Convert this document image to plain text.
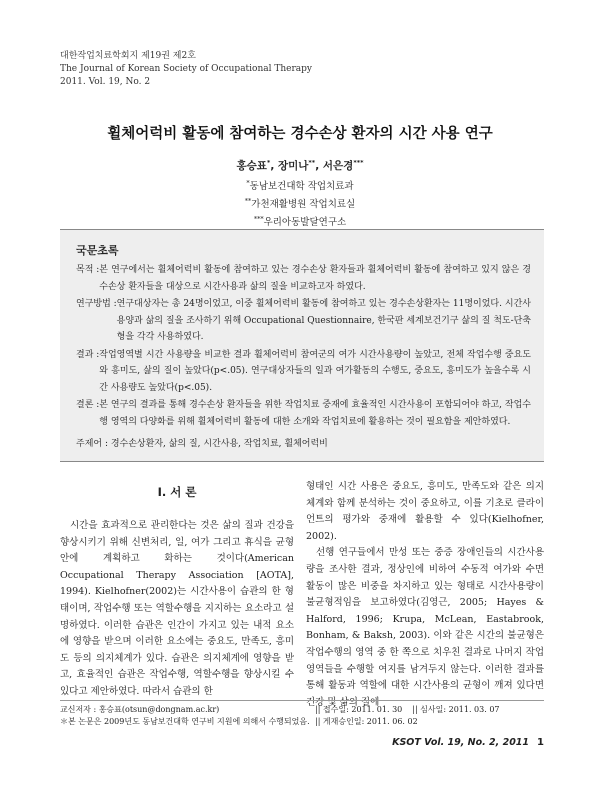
대한작업치료학회지 제19권 제2호
The Journal of Korean Society of Occupational Therapy
2011. Vol. 19, No. 2
휠체어럭비 활동에 참여하는 경수손상 환자의 시간 사용 연구
홍승표*, 장미나**, 서은경***
*동남보건대학 작업치료과
**가천재활병원 작업치료실
***우리아동발달연구소
국문초록
목적 : 본 연구에서는 휠체어럭비 활동에 참여하고 있는 경수손상 환자들과 휠체어럭비 활동에 참여하고 있지 않은 경수손상 환자들을 대상으로 시간사용과 삶의 질을 비교하고자 하였다.
연구방법 : 연구대상자는 총 24명이었고, 이중 휠체어럭비 활동에 참여하고 있는 경수손상환자는 11명이었다. 시간사용양과 삶의 질을 조사하기 위해 Occupational Questionnaire, 한국판 세계보건기구 삶의 질 척도-단축형을 각각 사용하였다.
결과 : 작업영역별 시간 사용량을 비교한 결과 휠체어럭비 참여군의 여가 시간사용량이 높았고, 전체 작업수행 중요도와 흥미도, 삶의 질이 높았다(p<.05). 연구대상자들의 일과 여가활동의 수행도, 중요도, 흥미도가 높을수록 시간 사용량도 높았다(p<.05).
결론 : 본 연구의 결과를 통해 경수손상 환자들을 위한 작업치료 중재에 효율적인 시간사용이 포함되어야 하고, 작업수행 영역의 다양화를 위해 휠체어럭비 활동에 대한 소개와 작업치료에 활용하는 것이 필요함을 제안하였다.
주제어 : 경수손상환자, 삶의 질, 시간사용, 작업치료, 휠체어럭비
I. 서 론
시간을 효과적으로 관리한다는 것은 삶의 질과 건강을 향상시키기 위해 신변처리, 일, 여가 그리고 휴식을 균형 안에 계획하고 화하는 것이다(American Occupational Therapy Association [AOTA], 1994). Kielhofner(2002)는 시간사용이 습관의 한 형태이며, 작업수행 또는 역할수행을 지지하는 요소라고 설명하였다. 이러한 습관은 인간이 가지고 있는 내적 요소에 영향을 받으며 이러한 요소에는 중요도, 만족도, 흥미도 등의 의지체계가 있다. 습관은 의지체계에 영향을 받고, 효율적인 습관은 작업수행, 역할수행을 향상시킬 수 있다고 제안하였다. 따라서 습관의 한

형태인 시간 사용은 중요도, 흥미도, 만족도와 같은 의지체계와 함께 분석하는 것이 중요하고, 이를 기초로 클라이언트의 평가와 중재에 활용할 수 있다(Kielhofner, 2002).

선행 연구들에서 만성 또는 중증 장애인들의 시간사용량을 조사한 결과, 정상인에 비하여 수동적 여가와 수면 활동이 많은 비중을 차지하고 있는 형태로 시간사용량이 불균형적임을 보고하였다(김영근, 2005; Hayes & Halford, 1996; Krupa, McLean, Eastabrook, Bonham, & Baksh, 2003). 이와 같은 시간의 불균형은 작업수행의 영역 중 한 쪽으로 치우친 결과로 나머지 작업영역들을 수행할 여지를 남겨두지 않는다. 이러한 결과를 통해 활동과 역할에 대한 시간사용의 균형이 깨져 있다면 건강 및 삶의 질에

교신저자 : 홍승표(otsun@dongnam.ac.kr)	|| 접수일: 2011. 01. 30 || 심사일: 2011. 03. 07
＊본 논문은 2009년도 동남보건대학 연구비 지원에 의해서 수행되었음. || 게재승인일: 2011. 06. 02
KSOT Vol. 19, No. 2, 2011 1
